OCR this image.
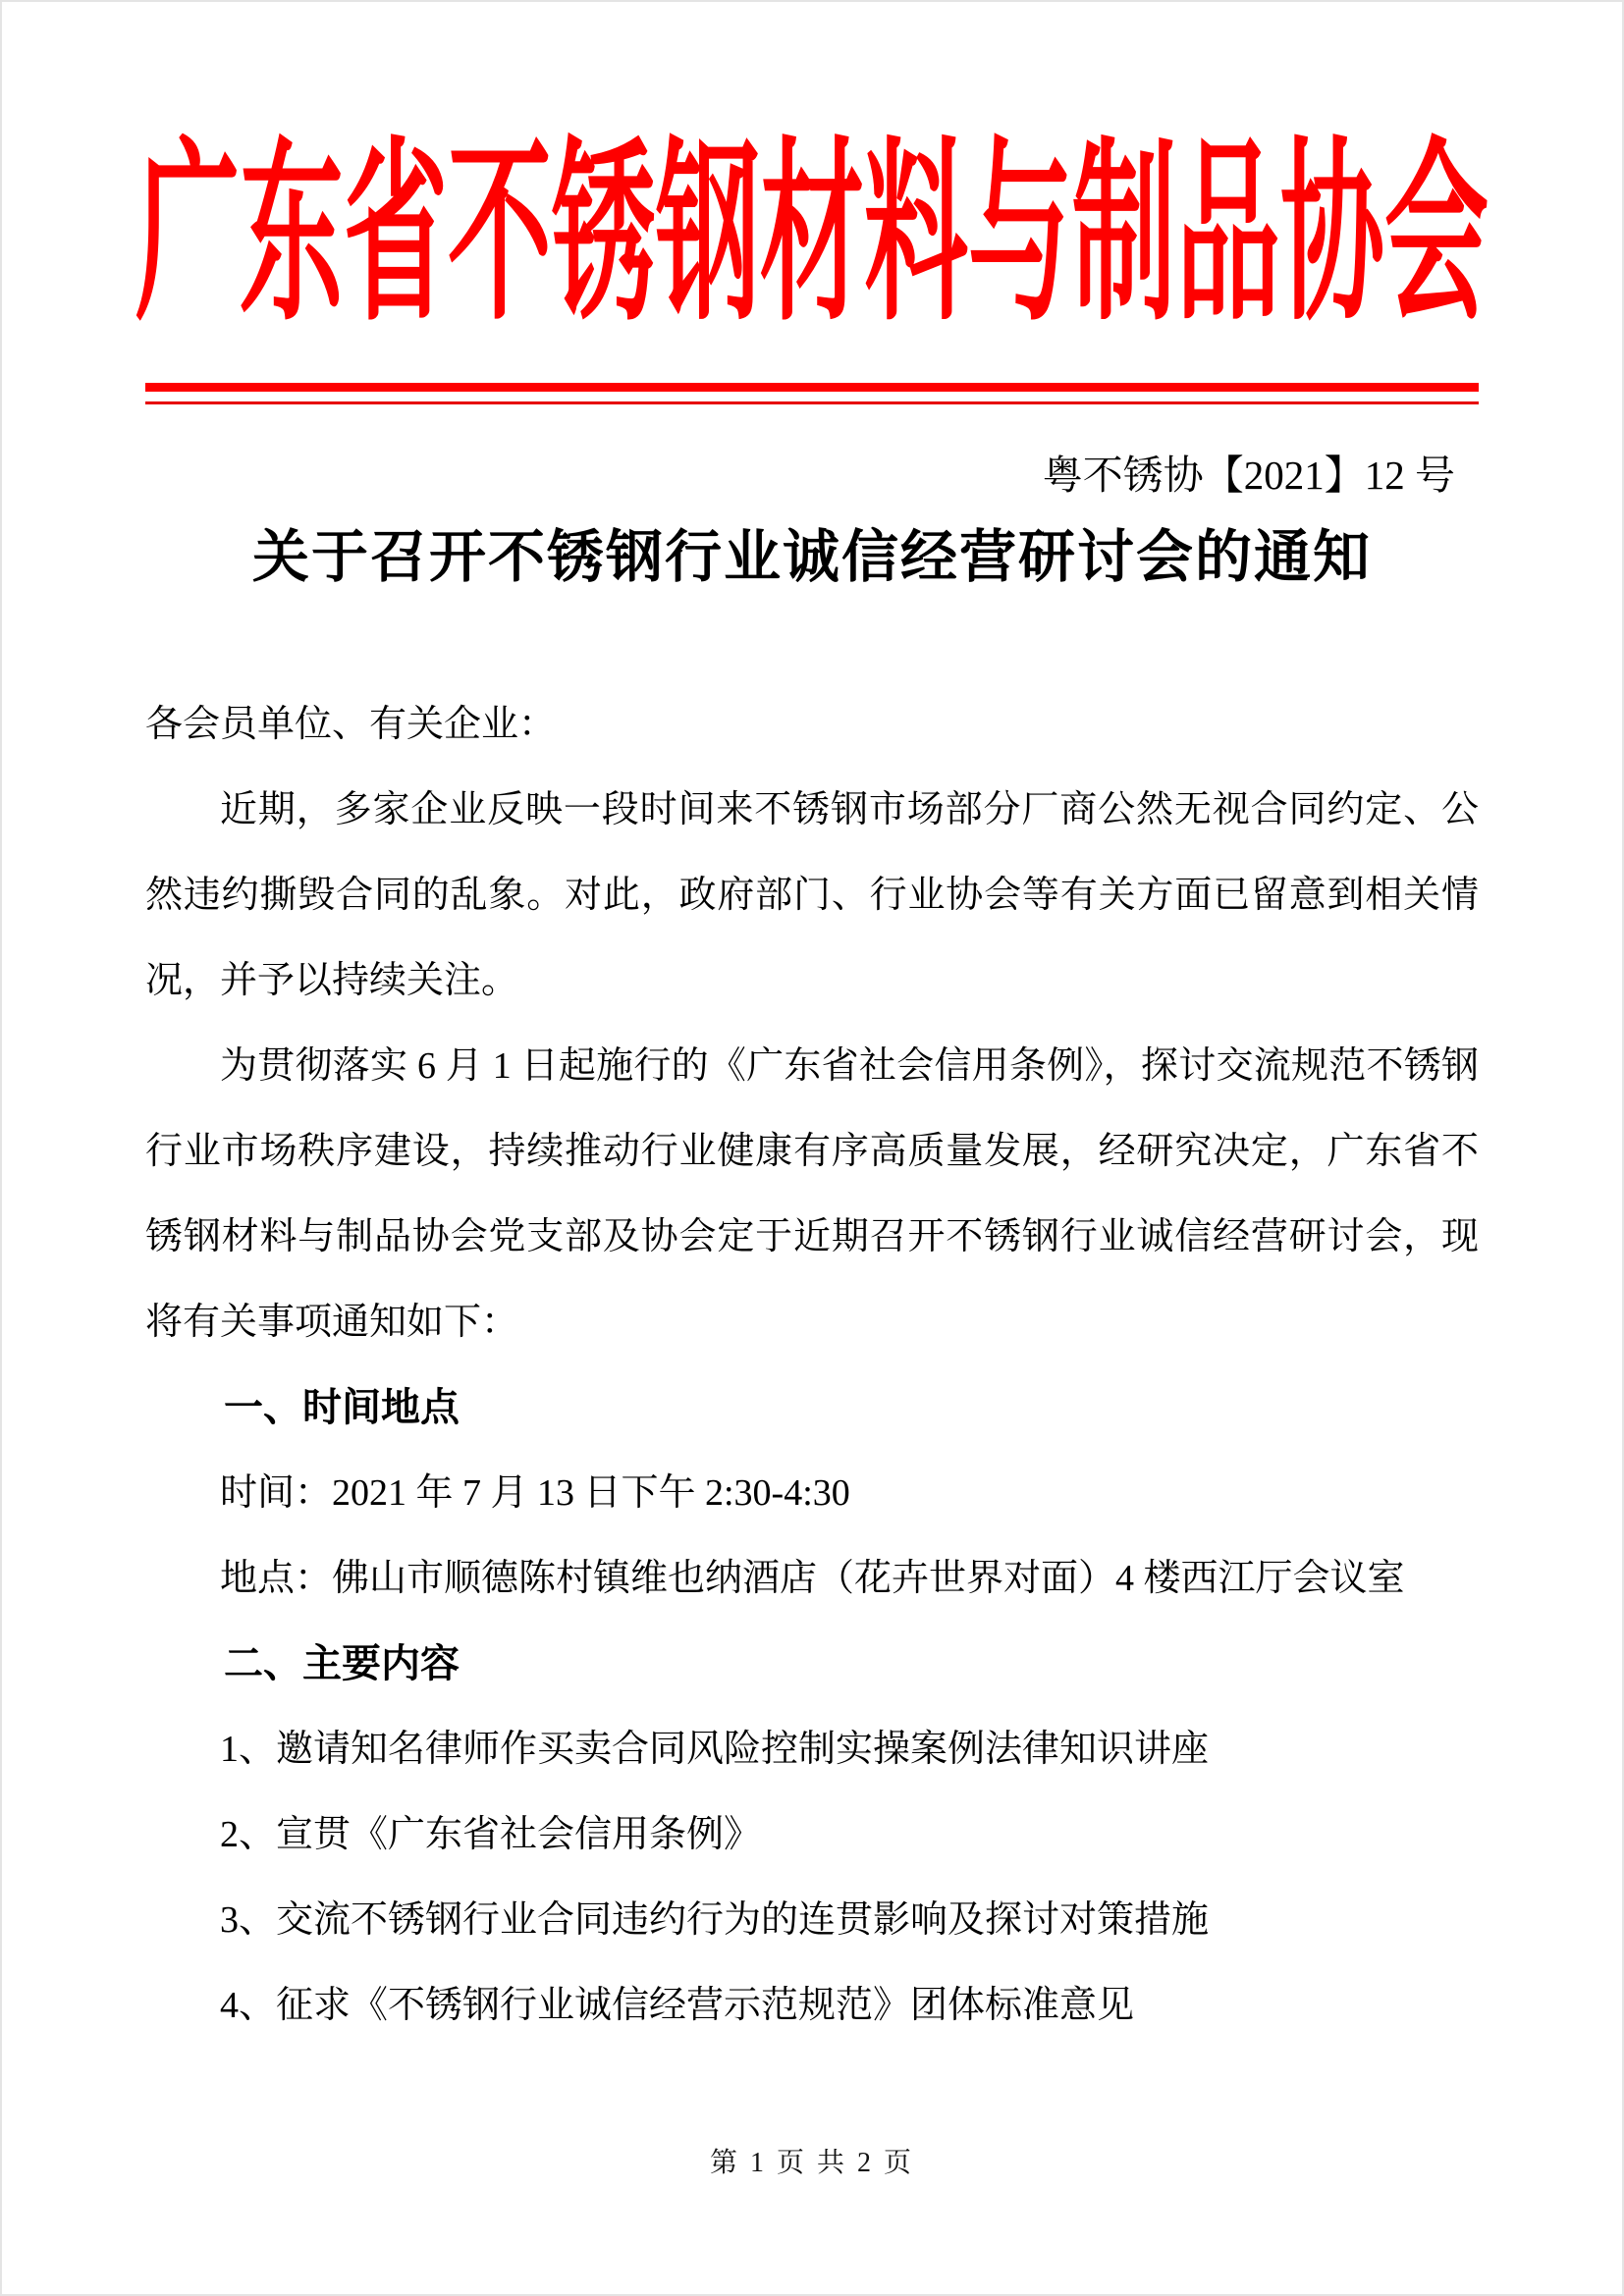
广东省不锈钢材料与制品协会
粤不锈协【2021】12 号
关于召开不锈钢行业诚信经营研讨会的通知

各会员单位、有关企业：

近期，多家企业反映一段时间来不锈钢市场部分厂商公然无视合同约定、公然违约撕毁合同的乱象。对此，政府部门、行业协会等有关方面已留意到相关情况，并予以持续关注。

为贯彻落实 6 月 1 日起施行的《广东省社会信用条例》，探讨交流规范不锈钢行业市场秩序建设，持续推动行业健康有序高质量发展，经研究决定，广东省不锈钢材料与制品协会党支部及协会定于近期召开不锈钢行业诚信经营研讨会，现将有关事项通知如下：

一、时间地点

时间：2021 年 7 月 13 日下午 2:30-4:30

地点：佛山市顺德陈村镇维也纳酒店（花卉世界对面）4 楼西江厅会议室

二、主要内容

1、邀请知名律师作买卖合同风险控制实操案例法律知识讲座

2、宣贯《广东省社会信用条例》

3、交流不锈钢行业合同违约行为的连贯影响及探讨对策措施

4、征求《不锈钢行业诚信经营示范规范》团体标准意见

第 1 页 共 2 页
